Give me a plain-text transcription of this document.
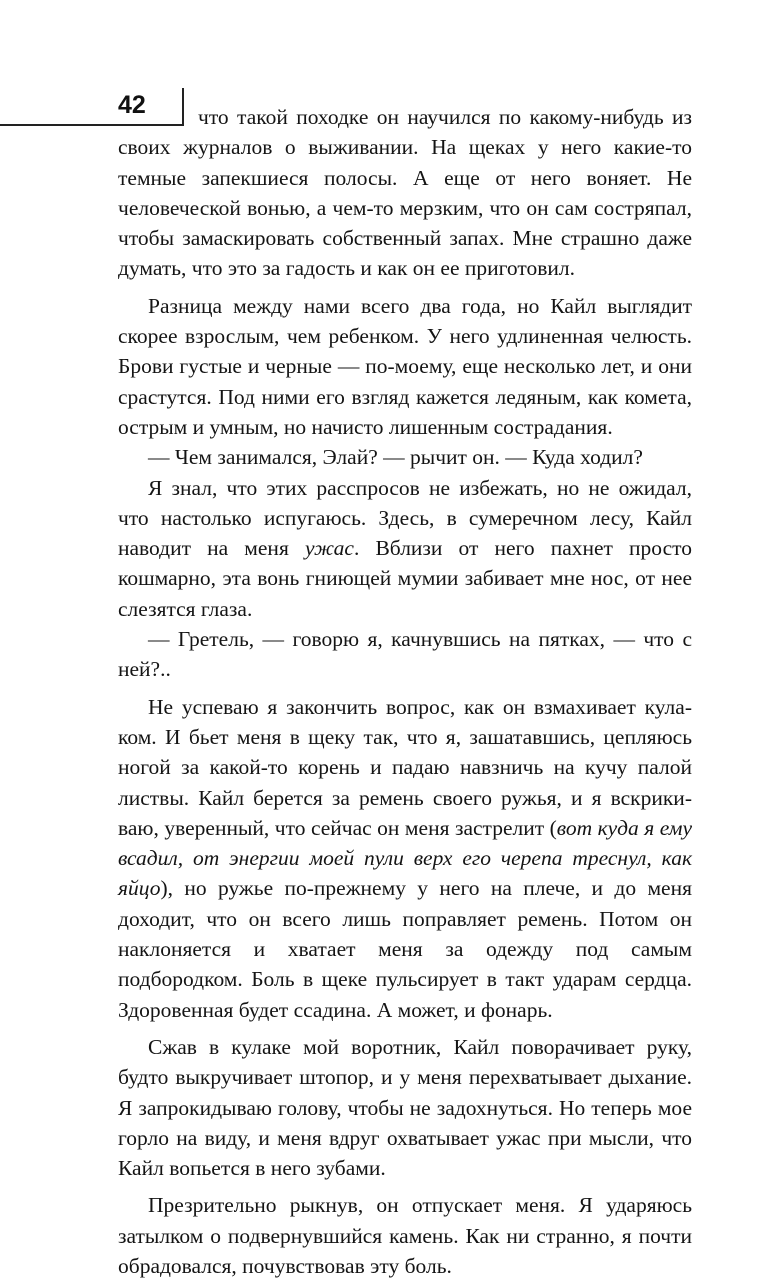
42	что такой походке он научился по какому-нибудь из своих журналов о выживании. На щеках у него какие-то темные запекшиеся полосы. А еще от него воняет. Не человеческой вонью, а чем-то мерзким, что он сам состряпал, чтобы замаскировать собственный запах. Мне страшно даже думать, что это за гадость и как он ее приготовил.

Разница между нами всего два года, но Кайл выглядит скорее взрослым, чем ребенком. У него удлиненная челюсть. Брови густые и черные — по-моему, еще несколько лет, и они срастутся. Под ними его взгляд кажется ледяным, как комета, острым и умным, но начисто лишенным сострадания.

— Чем занимался, Элай? — рычит он. — Куда ходил?

Я знал, что этих расспросов не избежать, но не ожидал, что настолько испугаюсь. Здесь, в сумеречном лесу, Кайл наводит на меня ужас. Вблизи от него пахнет просто кошмарно, эта вонь гниющей мумии забивает мне нос, от нее слезятся глаза.

— Гретель, — говорю я, качнувшись на пятках, — что с ней?..

Не успеваю я закончить вопрос, как он взмахивает кулаком. И бьет меня в щеку так, что я, зашатавшись, цепляюсь ногой за какой-то корень и падаю навзничь на кучу палой листвы. Кайл берется за ремень своего ружья, и я вскрикиваю, уверенный, что сейчас он меня застрелит (вот куда я ему всадил, от энергии моей пули верх его черепа треснул, как яйцо), но ружье по-прежнему у него на плече, и до меня доходит, что он всего лишь поправляет ремень. Потом он наклоняется и хватает меня за одежду под самым подбородком. Боль в щеке пульсирует в такт ударам сердца. Здоровенная будет ссадина. А может, и фонарь.

Сжав в кулаке мой воротник, Кайл поворачивает руку, будто выкручивает штопор, и у меня перехватывает дыхание. Я запрокидываю голову, чтобы не задохнуться. Но теперь мое горло на виду, и меня вдруг охватывает ужас при мысли, что Кайл вопьется в него зубами.

Презрительно рыкнув, он отпускает меня. Я ударяюсь затылком о подвернувшийся камень. Как ни странно, я почти обрадовался, почувствовав эту боль.
